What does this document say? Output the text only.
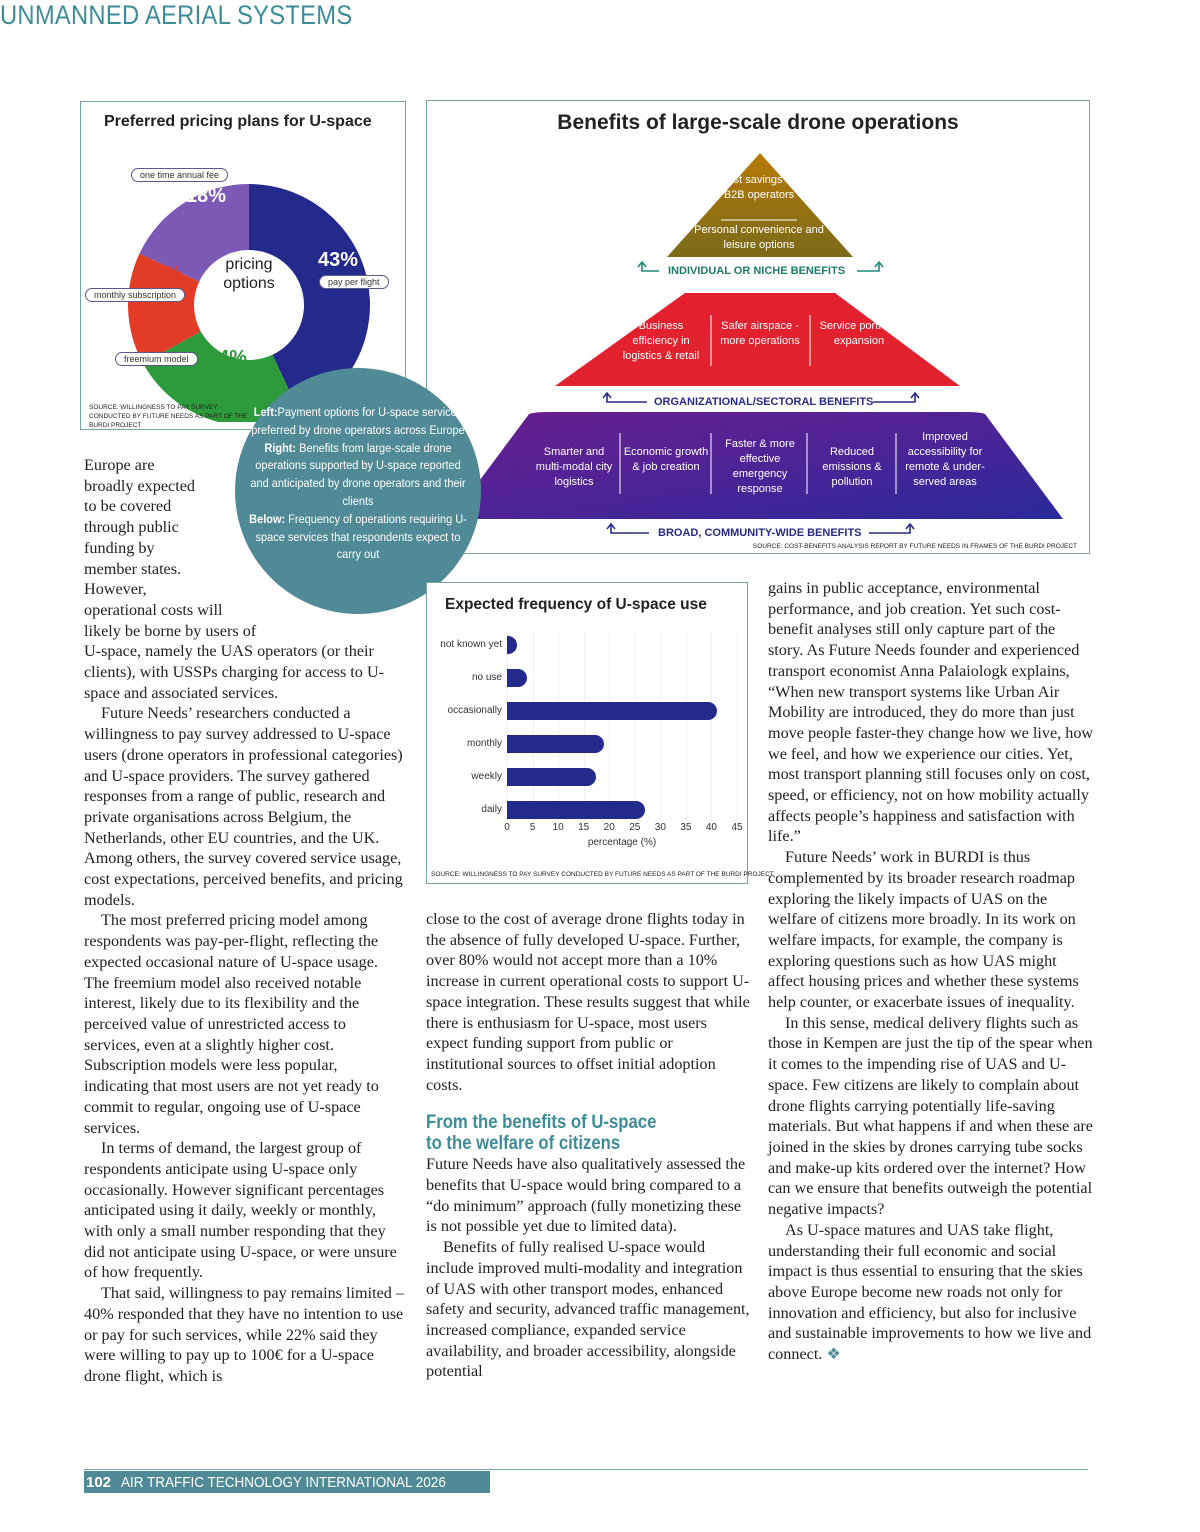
UNMANNED AERIAL SYSTEMS
Preferred pricing plans for U-space
one time annual fee
18%
monthly subscription
15%
freemium model 24%
pay per flight
43%
pricing
options
SOURCE: WILLINGNESS TO PAY SURVEY CONDUCTED BY FUTURE NEEDS AS PART OF THE BURDI PROJECT
Benefits of large-scale drone operations
Cost savings for B2B operators
Personal convenience and leisure options
INDIVIDUAL OR NICHE BENEFITS
Business efficiency in logistics & retail
Safer airspace - more operations
Service portfolio expansion
ORGANIZATIONAL/SECTORAL BENEFITS
Smarter and multi-modal city logistics
Economic growth & job creation
Faster & more effective emergency response
Reduced emissions & pollution
Improved accessibility for remote & under-served areas
BROAD, COMMUNITY-WIDE BENEFITS
SOURCE: COST-BENEFITS ANALYSIS REPORT BY FUTURE NEEDS IN FRAMES OF THE BURDI PROJECT
Left:Payment options for U-space services preferred by drone operators across Europe
Right: Benefits from large-scale drone operations supported by U-space reported and anticipated by drone operators and their clients
Below: Frequency of operations requiring U-space services that respondents expect to carry out
Expected frequency of U-space use
0	5	10	15	20	25	30	35	40	45
not known yet
no use
occasionally
monthly
weekly
daily
percentage (%)
SOURCE: WILLINGNESS TO PAY SURVEY CONDUCTED BY FUTURE NEEDS AS PART OF THE BURDI PROJECT
Europe are
broadly expected
to be covered
through public
funding by
member states.
However,
operational costs will
likely be borne by users of

U-space, namely the UAS operators (or their clients), with USSPs charging for access to U-space and associated services.

Future Needs’ researchers conducted a willingness to pay survey addressed to U-space users (drone operators in professional categories) and U-space providers. The survey gathered responses from a range of public, research and private organisations across Belgium, the Netherlands, other EU countries, and the UK. Among others, the survey covered service usage, cost expectations, perceived benefits, and pricing models.

The most preferred pricing model among respondents was pay-per-flight, reflecting the expected occasional nature of U-space usage. The freemium model also received notable interest, likely due to its flexibility and the perceived value of unrestricted access to services, even at a slightly higher cost. Subscription models were less popular, indicating that most users are not yet ready to commit to regular, ongoing use of U-space services.

In terms of demand, the largest group of respondents anticipate using U-space only occasionally. However significant percentages anticipated using it daily, weekly or monthly, with only a small number responding that they did not anticipate using U-space, or were unsure of how frequently.

That said, willingness to pay remains limited – 40% responded that they have no intention to use or pay for such services, while 22% said they were willing to pay up to 100€ for a U-space drone flight, which is

close to the cost of average drone flights today in the absence of fully developed U-space. Further, over 80% would not accept more than a 10% increase in current operational costs to support U-space integration. These results suggest that while there is enthusiasm for U-space, most users expect funding support from public or institutional sources to offset initial adoption costs.

From the benefits of U-space
to the welfare of citizens

Future Needs have also qualitatively assessed the benefits that U-space would bring compared to a “do minimum” approach (fully monetizing these is not possible yet due to limited data).

Benefits of fully realised U-space would include improved multi-modality and integration of UAS with other transport modes, enhanced safety and security, advanced traffic management, increased compliance, expanded service availability, and broader accessibility, alongside potential

gains in public acceptance, environmental performance, and job creation. Yet such cost-benefit analyses still only capture part of the story. As Future Needs founder and experienced transport economist Anna Palaiologk explains, “When new transport systems like Urban Air Mobility are introduced, they do more than just move people faster-they change how we live, how we feel, and how we experience our cities. Yet, most transport planning still focuses only on cost, speed, or efficiency, not on how mobility actually affects people’s happiness and satisfaction with life.”

Future Needs’ work in BURDI is thus complemented by its broader research roadmap exploring the likely impacts of UAS on the welfare of citizens more broadly. In its work on welfare impacts, for example, the company is exploring questions such as how UAS might affect housing prices and whether these systems help counter, or exacerbate issues of inequality.

In this sense, medical delivery flights such as those in Kempen are just the tip of the spear when it comes to the impending rise of UAS and U-space. Few citizens are likely to complain about drone flights carrying potentially life-saving materials. But what happens if and when these are joined in the skies by drones carrying tube socks and make-up kits ordered over the internet? How can we ensure that benefits outweigh the potential negative impacts?

As U-space matures and UAS take flight, understanding their full economic and social impact is thus essential to ensuring that the skies above Europe become new roads not only for innovation and efficiency, but also for inclusive and sustainable improvements to how we live and connect. ❖

102 AIR TRAFFIC TECHNOLOGY INTERNATIONAL 2026
